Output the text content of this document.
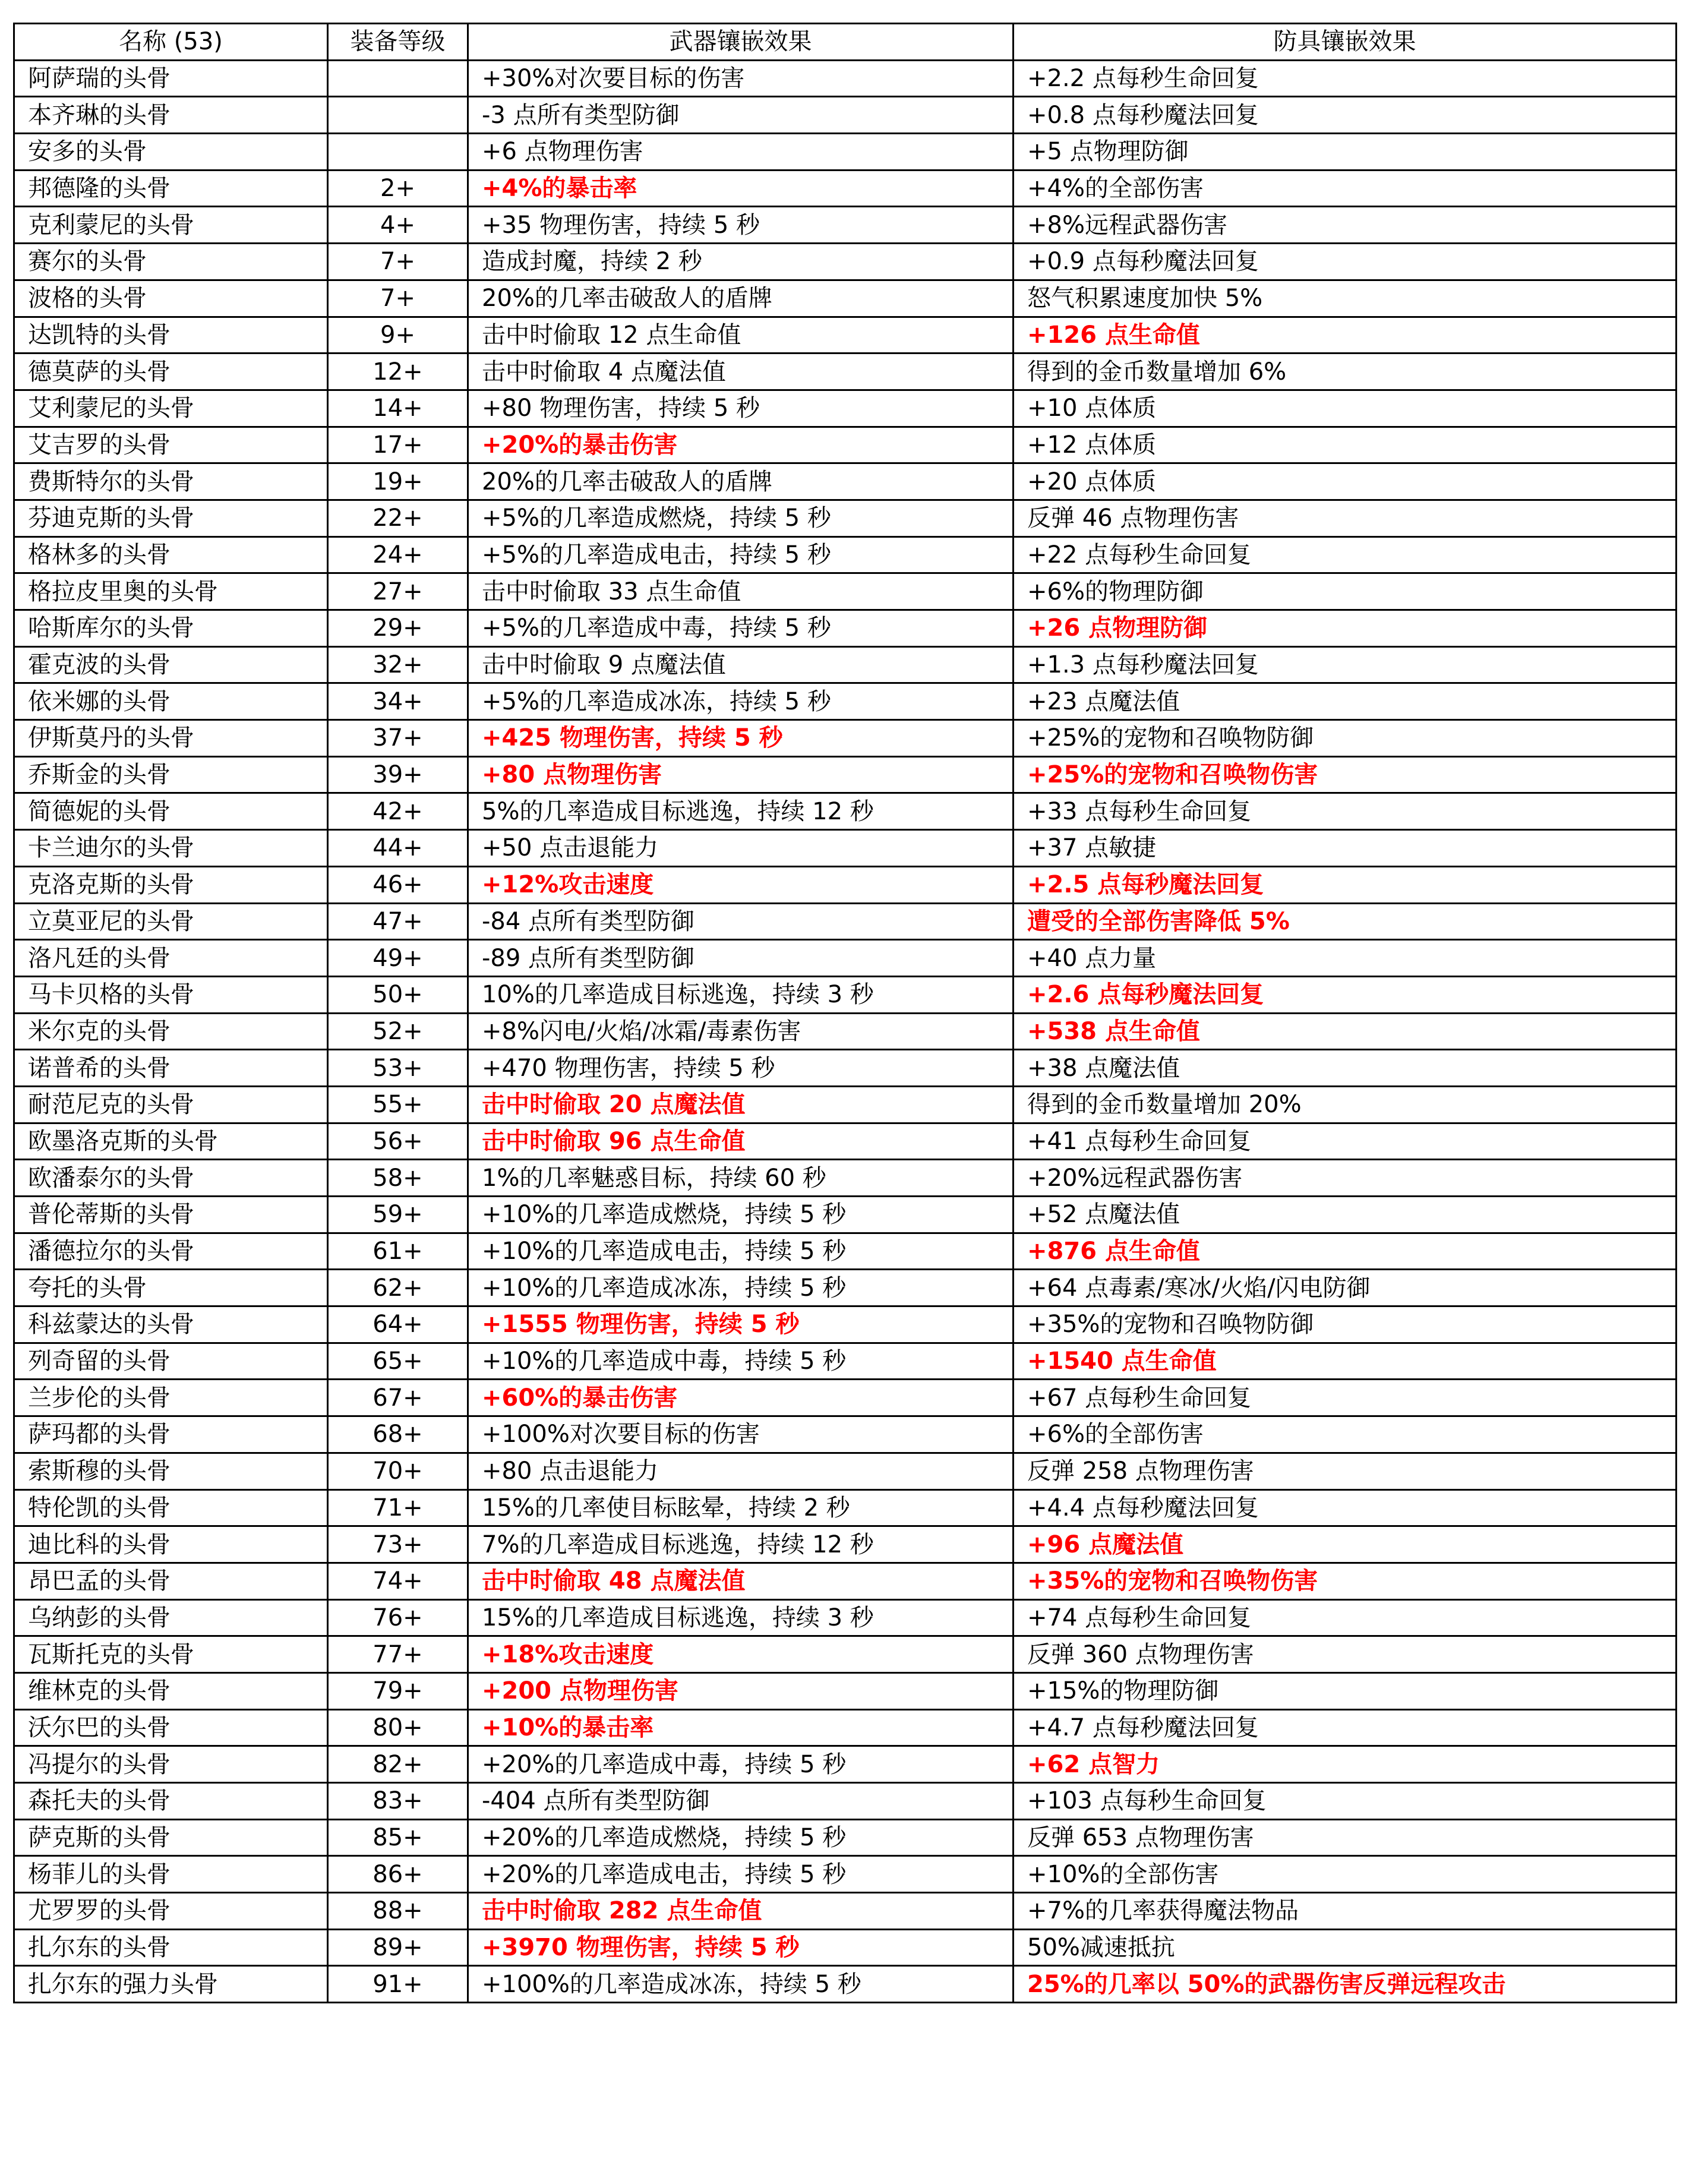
名称 (53)	装备等级	武器镶嵌效果	防具镶嵌效果
阿萨瑞的头骨		+30%对次要目标的伤害	+2.2 点每秒生命回复
本齐琳的头骨		-3 点所有类型防御	+0.8 点每秒魔法回复
安多的头骨		+6 点物理伤害	+5 点物理防御
邦德隆的头骨	2+	+4%的暴击率	+4%的全部伤害
克利蒙尼的头骨	4+	+35 物理伤害，持续 5 秒	+8%远程武器伤害
赛尔的头骨	7+	造成封魔，持续 2 秒	+0.9 点每秒魔法回复
波格的头骨	7+	20%的几率击破敌人的盾牌	怒气积累速度加快 5%
达凯特的头骨	9+	击中时偷取 12 点生命值	+126 点生命值
德莫萨的头骨	12+	击中时偷取 4 点魔法值	得到的金币数量增加 6%
艾利蒙尼的头骨	14+	+80 物理伤害，持续 5 秒	+10 点体质
艾吉罗的头骨	17+	+20%的暴击伤害	+12 点体质
费斯特尔的头骨	19+	20%的几率击破敌人的盾牌	+20 点体质
芬迪克斯的头骨	22+	+5%的几率造成燃烧，持续 5 秒	反弹 46 点物理伤害
格林多的头骨	24+	+5%的几率造成电击，持续 5 秒	+22 点每秒生命回复
格拉皮里奥的头骨	27+	击中时偷取 33 点生命值	+6%的物理防御
哈斯库尔的头骨	29+	+5%的几率造成中毒，持续 5 秒	+26 点物理防御
霍克波的头骨	32+	击中时偷取 9 点魔法值	+1.3 点每秒魔法回复
依米娜的头骨	34+	+5%的几率造成冰冻，持续 5 秒	+23 点魔法值
伊斯莫丹的头骨	37+	+425 物理伤害，持续 5 秒	+25%的宠物和召唤物防御
乔斯金的头骨	39+	+80 点物理伤害	+25%的宠物和召唤物伤害
简德妮的头骨	42+	5%的几率造成目标逃逸，持续 12 秒	+33 点每秒生命回复
卡兰迪尔的头骨	44+	+50 点击退能力	+37 点敏捷
克洛克斯的头骨	46+	+12%攻击速度	+2.5 点每秒魔法回复
立莫亚尼的头骨	47+	-84 点所有类型防御	遭受的全部伤害降低 5%
洛凡廷的头骨	49+	-89 点所有类型防御	+40 点力量
马卡贝格的头骨	50+	10%的几率造成目标逃逸，持续 3 秒	+2.6 点每秒魔法回复
米尔克的头骨	52+	+8%闪电/火焰/冰霜/毒素伤害	+538 点生命值
诺普希的头骨	53+	+470 物理伤害，持续 5 秒	+38 点魔法值
耐范尼克的头骨	55+	击中时偷取 20 点魔法值	得到的金币数量增加 20%
欧墨洛克斯的头骨	56+	击中时偷取 96 点生命值	+41 点每秒生命回复
欧潘泰尔的头骨	58+	1%的几率魅惑目标，持续 60 秒	+20%远程武器伤害
普伦蒂斯的头骨	59+	+10%的几率造成燃烧，持续 5 秒	+52 点魔法值
潘德拉尔的头骨	61+	+10%的几率造成电击，持续 5 秒	+876 点生命值
夸托的头骨	62+	+10%的几率造成冰冻，持续 5 秒	+64 点毒素/寒冰/火焰/闪电防御
科兹蒙达的头骨	64+	+1555 物理伤害，持续 5 秒	+35%的宠物和召唤物防御
列奇留的头骨	65+	+10%的几率造成中毒，持续 5 秒	+1540 点生命值
兰步伦的头骨	67+	+60%的暴击伤害	+67 点每秒生命回复
萨玛都的头骨	68+	+100%对次要目标的伤害	+6%的全部伤害
索斯穆的头骨	70+	+80 点击退能力	反弹 258 点物理伤害
特伦凯的头骨	71+	15%的几率使目标眩晕，持续 2 秒	+4.4 点每秒魔法回复
迪比科的头骨	73+	7%的几率造成目标逃逸，持续 12 秒	+96 点魔法值
昂巴孟的头骨	74+	击中时偷取 48 点魔法值	+35%的宠物和召唤物伤害
乌纳彭的头骨	76+	15%的几率造成目标逃逸，持续 3 秒	+74 点每秒生命回复
瓦斯托克的头骨	77+	+18%攻击速度	反弹 360 点物理伤害
维林克的头骨	79+	+200 点物理伤害	+15%的物理防御
沃尔巴的头骨	80+	+10%的暴击率	+4.7 点每秒魔法回复
冯提尔的头骨	82+	+20%的几率造成中毒，持续 5 秒	+62 点智力
森托夫的头骨	83+	-404 点所有类型防御	+103 点每秒生命回复
萨克斯的头骨	85+	+20%的几率造成燃烧，持续 5 秒	反弹 653 点物理伤害
杨菲儿的头骨	86+	+20%的几率造成电击，持续 5 秒	+10%的全部伤害
尤罗罗的头骨	88+	击中时偷取 282 点生命值	+7%的几率获得魔法物品
扎尔东的头骨	89+	+3970 物理伤害，持续 5 秒	50%减速抵抗
扎尔东的强力头骨	91+	+100%的几率造成冰冻，持续 5 秒	25%的几率以 50%的武器伤害反弹远程攻击
